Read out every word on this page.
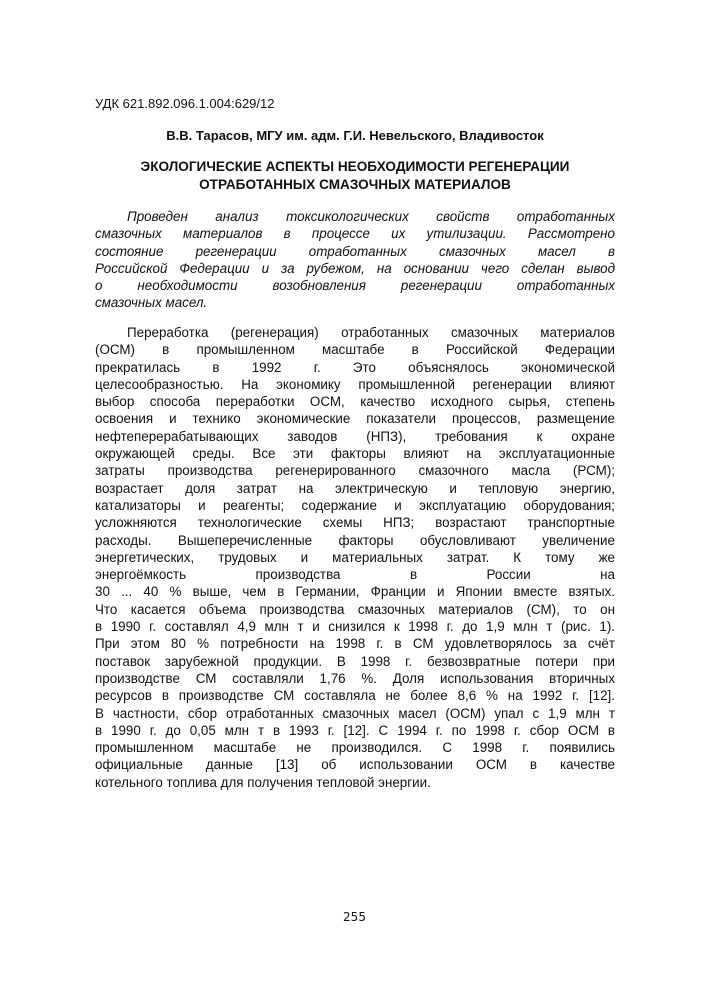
УДК 621.892.096.1.004:629/12
В.В. Тарасов, МГУ им. адм. Г.И. Невельского, Владивосток
ЭКОЛОГИЧЕСКИЕ АСПЕКТЫ НЕОБХОДИМОСТИ РЕГЕНЕРАЦИИ
ОТРАБОТАННЫХ СМАЗОЧНЫХ МАТЕРИАЛОВ
Проведен анализ токсикологических свойств отработанных
смазочных материалов в процессе их утилизации. Рассмотрено
состояние регенерации отработанных смазочных масел в
Российской Федерации и за рубежом, на основании чего сделан вывод
о необходимости возобновления регенерации отработанных
смазочных масел.
Переработка (регенерация) отработанных смазочных материалов
(ОСМ) в промышленном масштабе в Российской Федерации
прекратилась в 1992 г. Это объяснялось экономической
целесообразностью. На экономику промышленной регенерации влияют
выбор способа переработки ОСМ, качество исходного сырья, степень
освоения и технико экономические показатели процессов, размещение
нефтеперерабатывающих заводов (НПЗ), требования к охране
окружающей среды. Все эти факторы влияют на эксплуатационные
затраты производства регенерированного смазочного масла (РСМ);
возрастает доля затрат на электрическую и тепловую энергию,
катализаторы и реагенты; содержание и эксплуатацию оборудования;
усложняются технологические схемы НПЗ; возрастают транспортные
расходы. Вышеперечисленные факторы обусловливают увеличение
энергетических, трудовых и материальных затрат. К тому же
энергоёмкость производства в России на
30 ... 40 % выше, чем в Германии, Франции и Японии вместе взятых.
Что касается объема производства смазочных материалов (СМ), то он
в 1990 г. составлял 4,9 млн т и снизился к 1998 г. до 1,9 млн т (рис. 1).
При этом 80 % потребности на 1998 г. в СМ удовлетворялось за счёт
поставок зарубежной продукции. В 1998 г. безвозвратные потери при
производстве СМ составляли 1,76 %. Доля использования вторичных
ресурсов в производстве СМ составляла не более 8,6 % на 1992 г. [12].
В частности, сбор отработанных смазочных масел (ОСМ) упал с 1,9 млн т
в 1990 г. до 0,05 млн т в 1993 г. [12]. С 1994 г. по 1998 г. сбор ОСМ в
промышленном масштабе не производился. С 1998 г. появились
официальные данные [13] об использовании ОСМ в качестве
котельного топлива для получения тепловой энергии.
255
